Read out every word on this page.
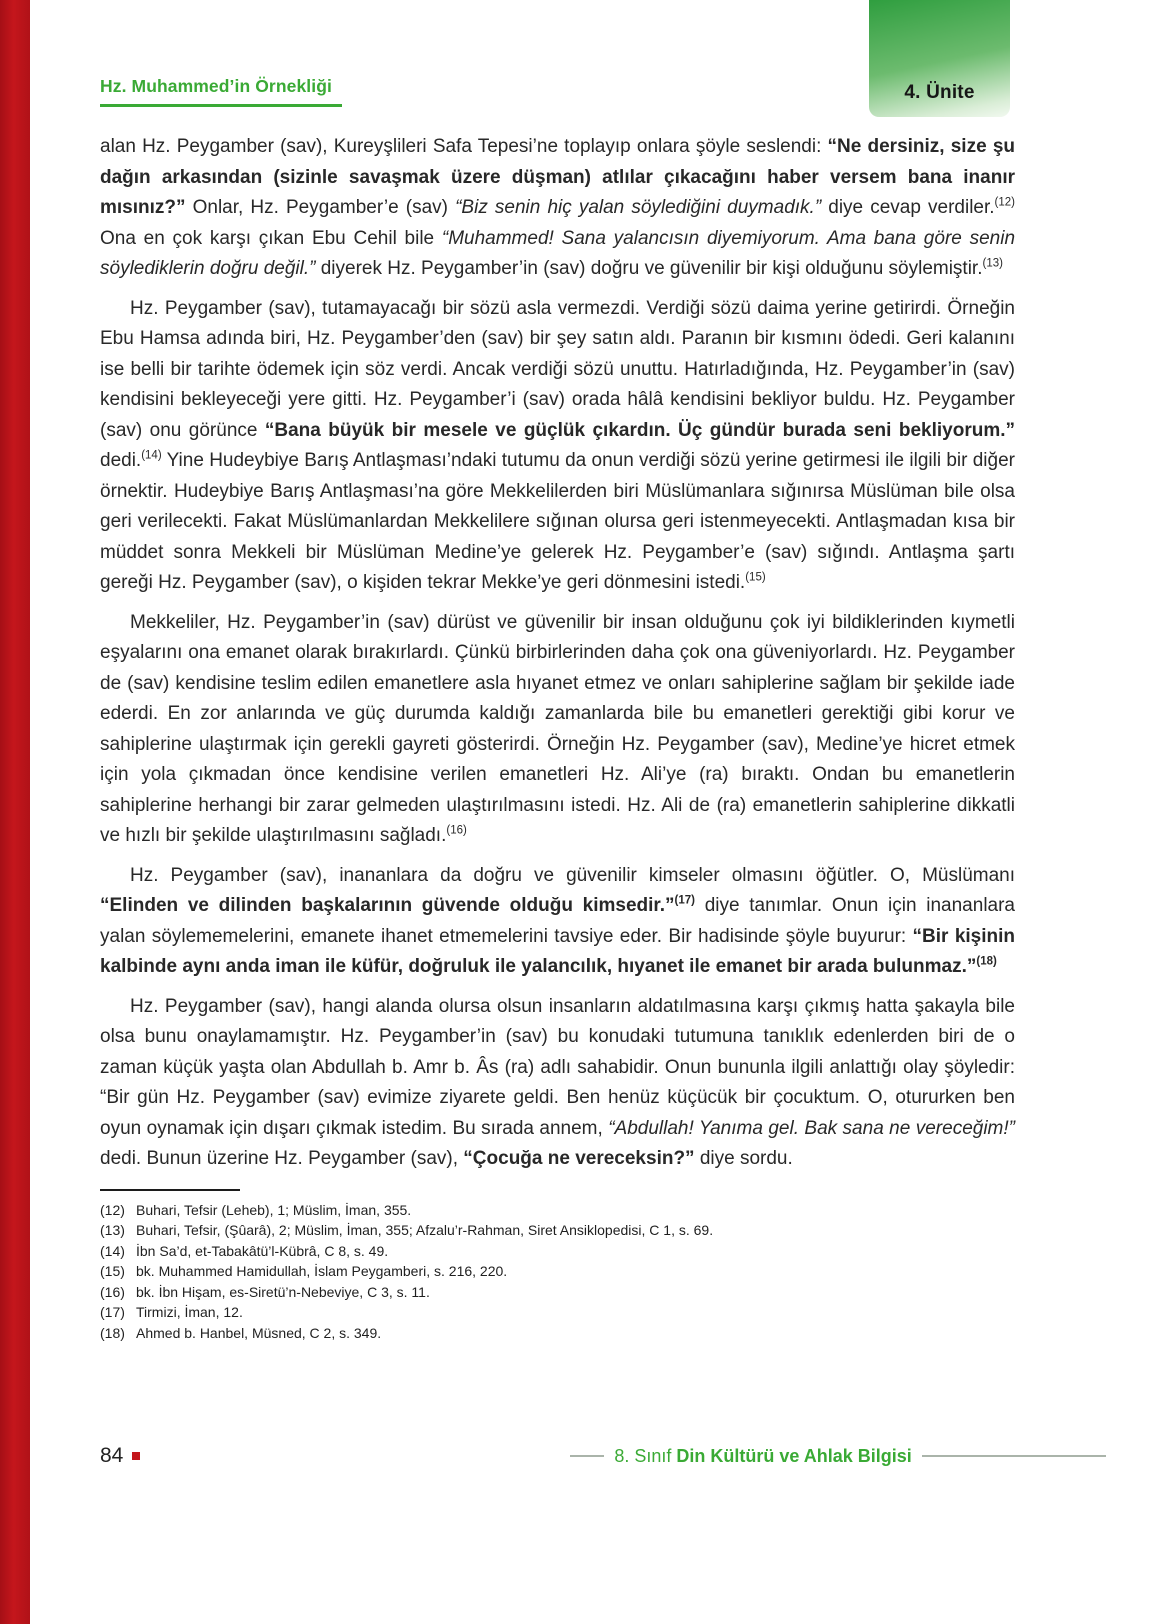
4. Ünite
Hz. Muhammed’in Örnekliği

alan Hz. Peygamber (sav), Kureyşlileri Safa Tepesi’ne toplayıp onlara şöyle seslendi: “Ne dersiniz, size şu dağın arkasından (sizinle savaşmak üzere düşman) atlılar çıkacağını haber versem bana inanır mısınız?” Onlar, Hz. Peygamber’e (sav) “Biz senin hiç yalan söylediğini duymadık.” diye cevap verdiler.$^{(12)}$ Ona en çok karşı çıkan Ebu Cehil bile “Muhammed! Sana yalancısın diyemiyorum. Ama bana göre senin söylediklerin doğru değil.” diyerek Hz. Peygamber’in (sav) doğru ve güvenilir bir kişi olduğunu söylemiştir.$^{(13)}$

Hz. Peygamber (sav), tutamayacağı bir sözü asla vermezdi. Verdiği sözü daima yerine getirirdi. Örneğin Ebu Hamsa adında biri, Hz. Peygamber’den (sav) bir şey satın aldı. Paranın bir kısmını ödedi. Geri kalanını ise belli bir tarihte ödemek için söz verdi. Ancak verdiği sözü unuttu. Hatırladığında, Hz. Peygamber’in (sav) kendisini bekleyeceği yere gitti. Hz. Peygamber’i (sav) orada hâlâ kendisini bekliyor buldu. Hz. Peygamber (sav) onu görünce “Bana büyük bir mesele ve güçlük çıkardın. Üç gündür burada seni bekliyorum.” dedi.$^{(14)}$ Yine Hudeybiye Barış Antlaşması’ndaki tutumu da onun verdiği sözü yerine getirmesi ile ilgili bir diğer örnektir. Hudeybiye Barış Antlaşması’na göre Mekkelilerden biri Müslümanlara sığınırsa Müslüman bile olsa geri verilecekti. Fakat Müslümanlardan Mekkelilere sığınan olursa geri istenmeyecekti. Antlaşmadan kısa bir müddet sonra Mekkeli bir Müslüman Medine’ye gelerek Hz. Peygamber’e (sav) sığındı. Antlaşma şartı gereği Hz. Peygamber (sav), o kişiden tekrar Mekke’ye geri dönmesini istedi.$^{(15)}$

Mekkeliler, Hz. Peygamber’in (sav) dürüst ve güvenilir bir insan olduğunu çok iyi bildiklerinden kıymetli eşyalarını ona emanet olarak bırakırlardı. Çünkü birbirlerinden daha çok ona güveniyorlardı. Hz. Peygamber de (sav) kendisine teslim edilen emanetlere asla hıyanet etmez ve onları sahiplerine sağlam bir şekilde iade ederdi. En zor anlarında ve güç durumda kaldığı zamanlarda bile bu emanetleri gerektiği gibi korur ve sahiplerine ulaştırmak için gerekli gayreti gösterirdi. Örneğin Hz. Peygamber (sav), Medine’ye hicret etmek için yola çıkmadan önce kendisine verilen emanetleri Hz. Ali’ye (ra) bıraktı. Ondan bu emanetlerin sahiplerine herhangi bir zarar gelmeden ulaştırılmasını istedi. Hz. Ali de (ra) emanetlerin sahiplerine dikkatli ve hızlı bir şekilde ulaştırılmasını sağladı.$^{(16)}$

Hz. Peygamber (sav), inananlara da doğru ve güvenilir kimseler olmasını öğütler. O, Müslümanı “Elinden ve dilinden başkalarının güvende olduğu kimsedir.”$^{(17)}$ diye tanımlar. Onun için inananlara yalan söylememelerini, emanete ihanet etmemelerini tavsiye eder. Bir hadisinde şöyle buyurur: “Bir kişinin kalbinde aynı anda iman ile küfür, doğruluk ile yalancılık, hıyanet ile emanet bir arada bulunmaz.”$^{(18)}$

Hz. Peygamber (sav), hangi alanda olursa olsun insanların aldatılmasına karşı çıkmış hatta şakayla bile olsa bunu onaylamamıştır. Hz. Peygamber’in (sav) bu konudaki tutumuna tanıklık edenlerden biri de o zaman küçük yaşta olan Abdullah b. Amr b. Âs (ra) adlı sahabidir. Onun bununla ilgili anlattığı olay şöyledir: “Bir gün Hz. Peygamber (sav) evimize ziyarete geldi. Ben henüz küçücük bir çocuktum. O, otururken ben oyun oynamak için dışarı çıkmak istedim. Bu sırada annem, “Abdullah! Yanıma gel. Bak sana ne vereceğim!” dedi. Bunun üzerine Hz. Peygamber (sav), “Çocuğa ne vereceksin?” diye sordu.

(12) Buhari, Tefsir (Leheb), 1; Müslim, İman, 355.
(13) Buhari, Tefsir, (Şûarâ), 2; Müslim, İman, 355; Afzalu’r-Rahman, Siret Ansiklopedisi, C 1, s. 69.
(14) İbn Sa’d, et-Tabakâtü’l-Kübrâ, C 8, s. 49.
(15) bk. Muhammed Hamidullah, İslam Peygamberi, s. 216, 220.
(16) bk. İbn Hişam, es-Siretü’n-Nebeviye, C 3, s. 11.
(17) Tirmizi, İman, 12.
(18) Ahmed b. Hanbel, Müsned, C 2, s. 349.
84	8. Sınıf Din Kültürü ve Ahlak Bilgisi
